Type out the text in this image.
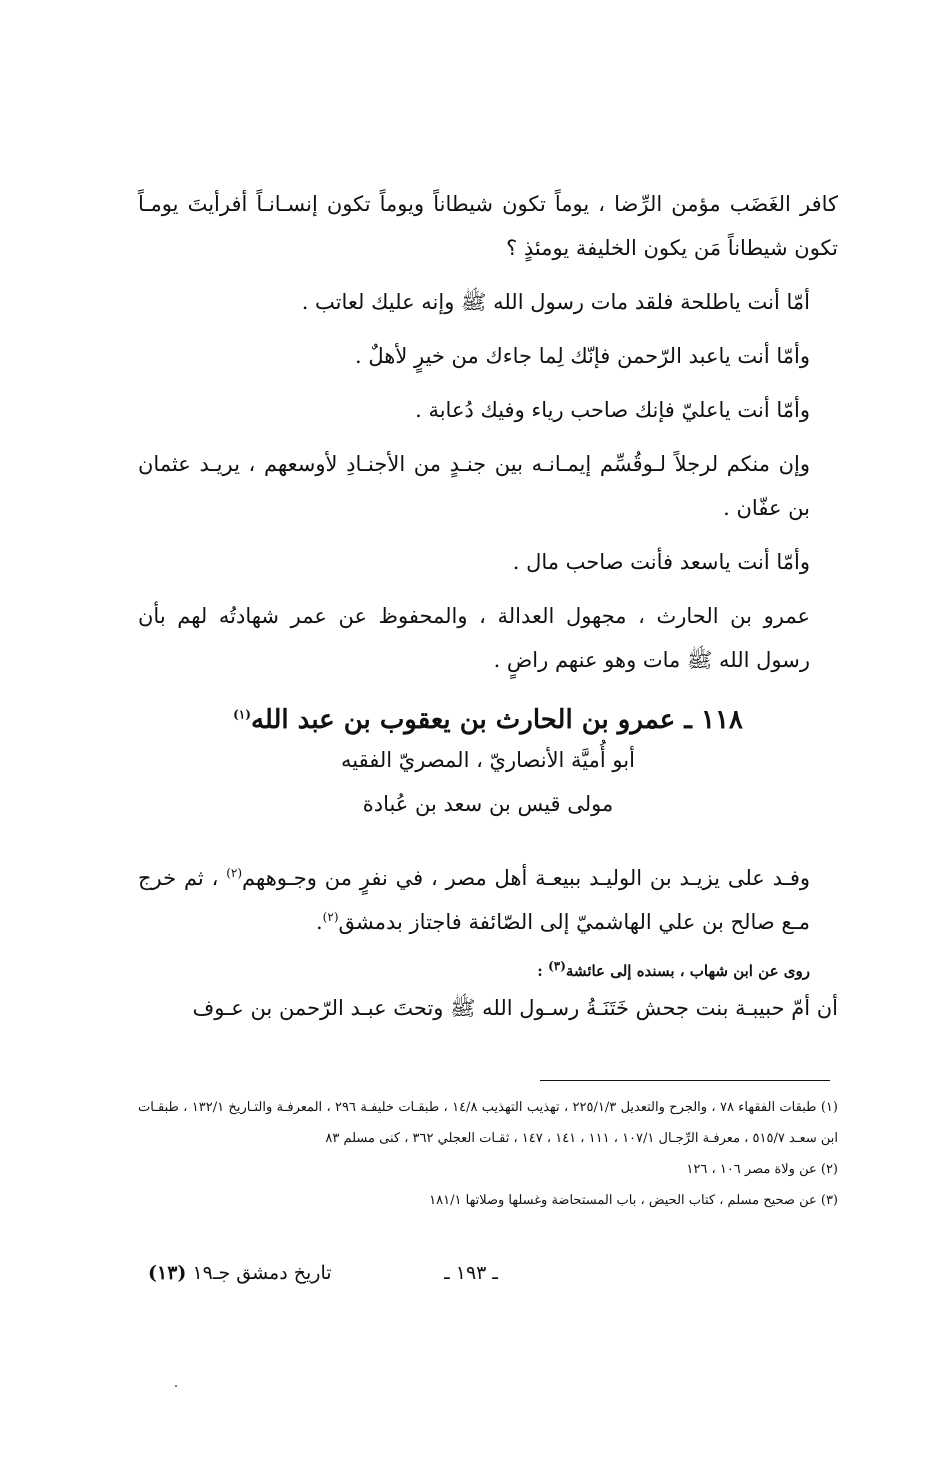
كافر الغَضَب مؤمن الرِّضا ، يوماً تكون شيطاناً ويوماً تكون إنسـانـاً أفرأيتَ يومـاً تكون شيطاناً مَن يكون الخليفة يومئذٍ ؟

أمّا أنت ياطلحة فلقد مات رسول الله ﷺ وإنه عليك لعاتب .

وأمّا أنت ياعبد الرّحمن فإنّك لِما جاءك من خيرٍ لأهلٌ .

وأمّا أنت ياعليّ فإنك صاحب رياء وفيك دُعابة .

وإن منكم لرجلاً لـوقُسِّم إيمـانـه بين جنـدٍ من الأجنـادِ لأوسعهم ، يريـد عثمان بن عفّان .

وأمّا أنت ياسعد فأنت صاحب مال .

عمرو بن الحارث ، مجهول العدالة ، والمحفوظ عن عمر شهادتُه لهم بأن رسول الله ﷺ مات وهو عنهم راضٍ .

١١٨ ـ عمرو بن الحارث بن يعقوب بن عبد الله$^{(١)}$

أبو أُميَّة الأنصاريّ ، المصريّ الفقيه

مولى قيس بن سعد بن عُبادة

وفـد على يزيـد بن الوليـد ببيعـة أهل مصر ، في نفرٍ من وجـوههم$^{(٢)}$ ، ثم خرج مـع صالح بن علي الهاشميّ إلى الصّائفة فاجتاز بدمشق$^{(٢)}$.

روى عن ابن شهاب ، بسنده إلى عائشة$^{(٣)}$ :

أن أمّ حبيبـة بنت جحش خَتَنَـةُ رسـول الله ﷺ وتحتَ عبـد الرّحمن بن عـوف

(١) طبقات الفقهاء ٧٨ ، والجرح والتعديل ٢٢٥/١/٣ ، تهذيب التهذيب ١٤/٨ ، طبقـات خليفـة ٢٩٦ ، المعرفـة والتـاريخ ١٣٢/١ ، طبقـات ابن سعـد ٥١٥/٧ ، معرفـة الرِّجـال ١٠٧/١ ، ١١١ ، ١٤١ ، ١٤٧ ، ثقـات العجلي ٣٦٢ ، كنى مسلم ٨٣

(٢) عن ولاة مصر ١٠٦ ، ١٢٦

(٣) عن صحيح مسلم ، كتاب الحيض ، باب المستحاضة وغسلها وصلاتها ١٨١/١

ـ ١٩٣ ـ
تاريخ دمشق جـ١٩ (١٣)
